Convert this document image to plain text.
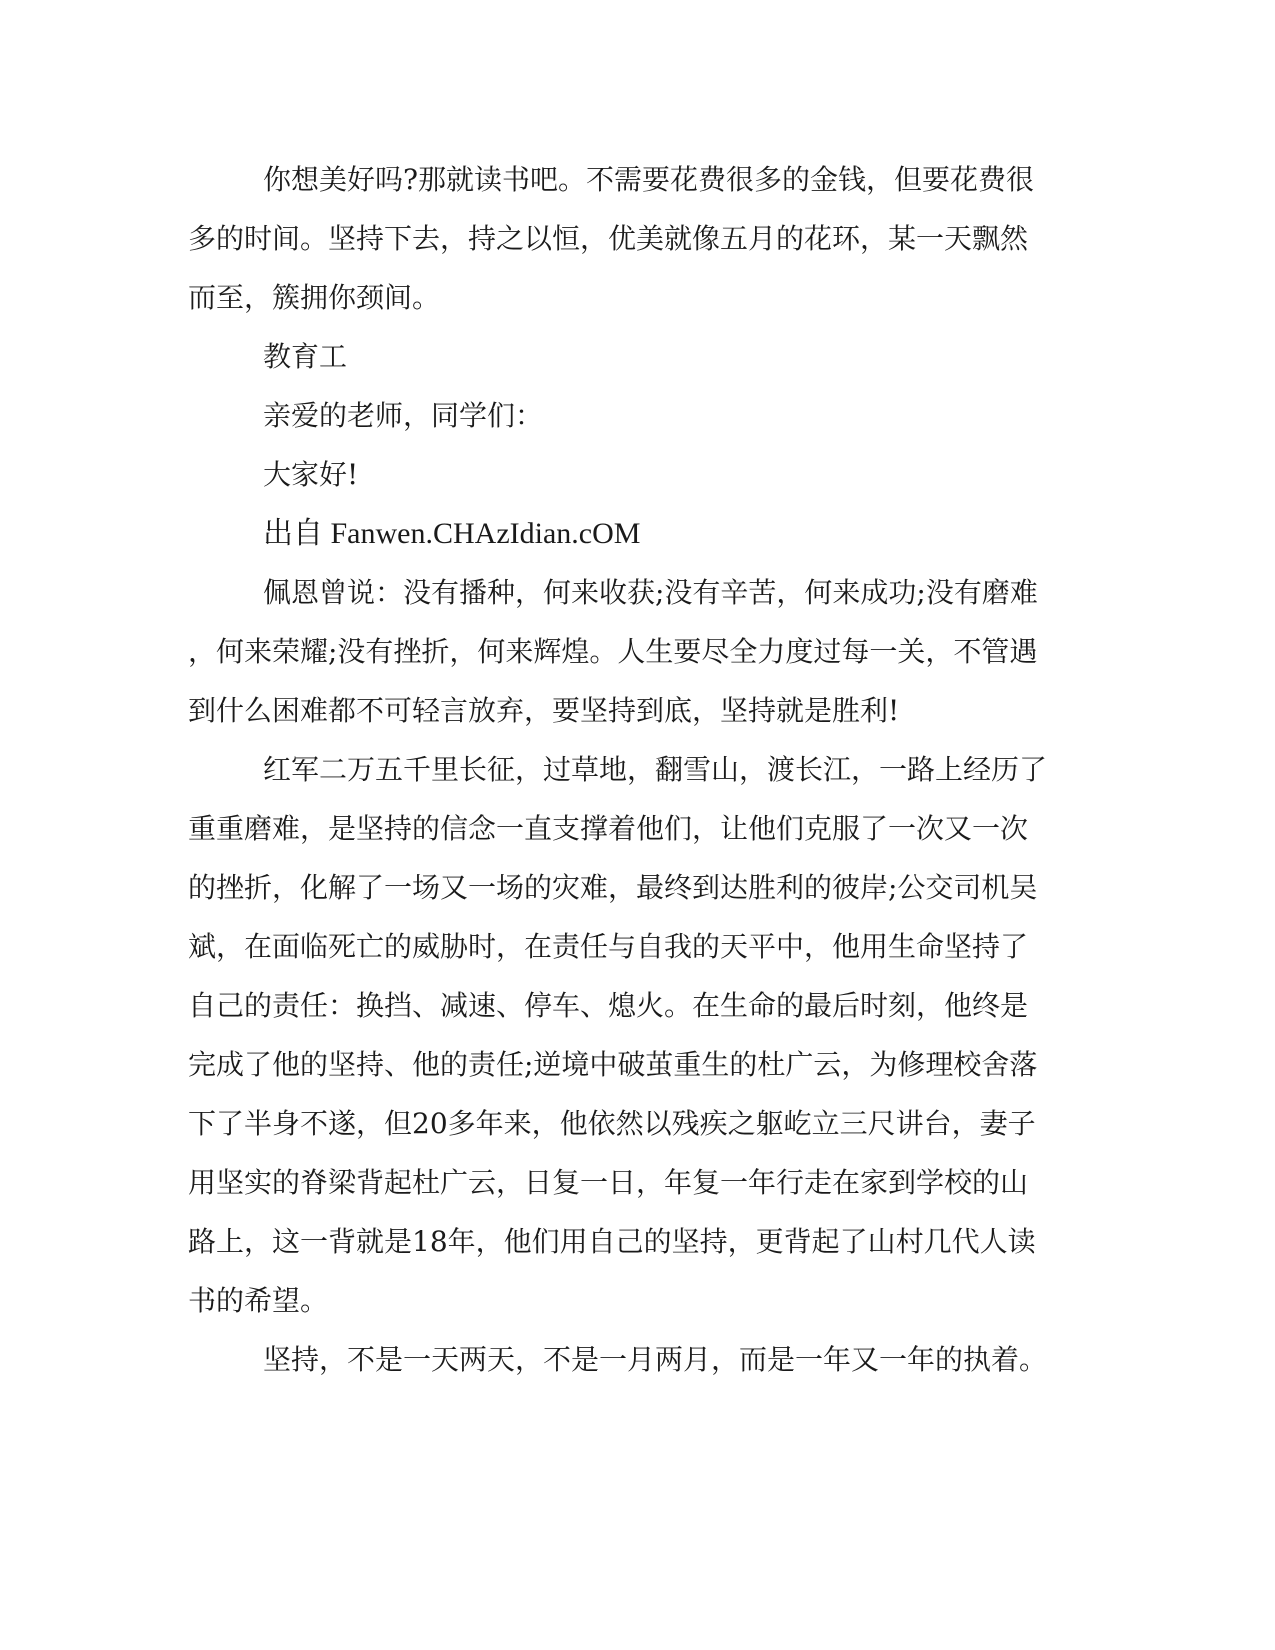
你想美好吗?那就读书吧。不需要花费很多的金钱，但要花费很
多的时间。坚持下去，持之以恒，优美就像五月的花环，某一天飘然
而至，簇拥你颈间。
教育工
亲爱的老师，同学们：
大家好!
出自 Fanwen.CHAzIdian.cOM
佩恩曾说：没有播种，何来收获;没有辛苦，何来成功;没有磨难
，何来荣耀;没有挫折，何来辉煌。人生要尽全力度过每一关，不管遇
到什么困难都不可轻言放弃，要坚持到底，坚持就是胜利!
红军二万五千里长征，过草地，翻雪山，渡长江，一路上经历了
重重磨难，是坚持的信念一直支撑着他们，让他们克服了一次又一次
的挫折，化解了一场又一场的灾难，最终到达胜利的彼岸;公交司机吴
斌，在面临死亡的威胁时，在责任与自我的天平中，他用生命坚持了
自己的责任：换挡、减速、停车、熄火。在生命的最后时刻，他终是
完成了他的坚持、他的责任;逆境中破茧重生的杜广云，为修理校舍落
下了半身不遂，但20多年来，他依然以残疾之躯屹立三尺讲台，妻子
用坚实的脊梁背起杜广云，日复一日，年复一年行走在家到学校的山
路上，这一背就是18年，他们用自己的坚持，更背起了山村几代人读
书的希望。
坚持，不是一天两天，不是一月两月，而是一年又一年的执着。
